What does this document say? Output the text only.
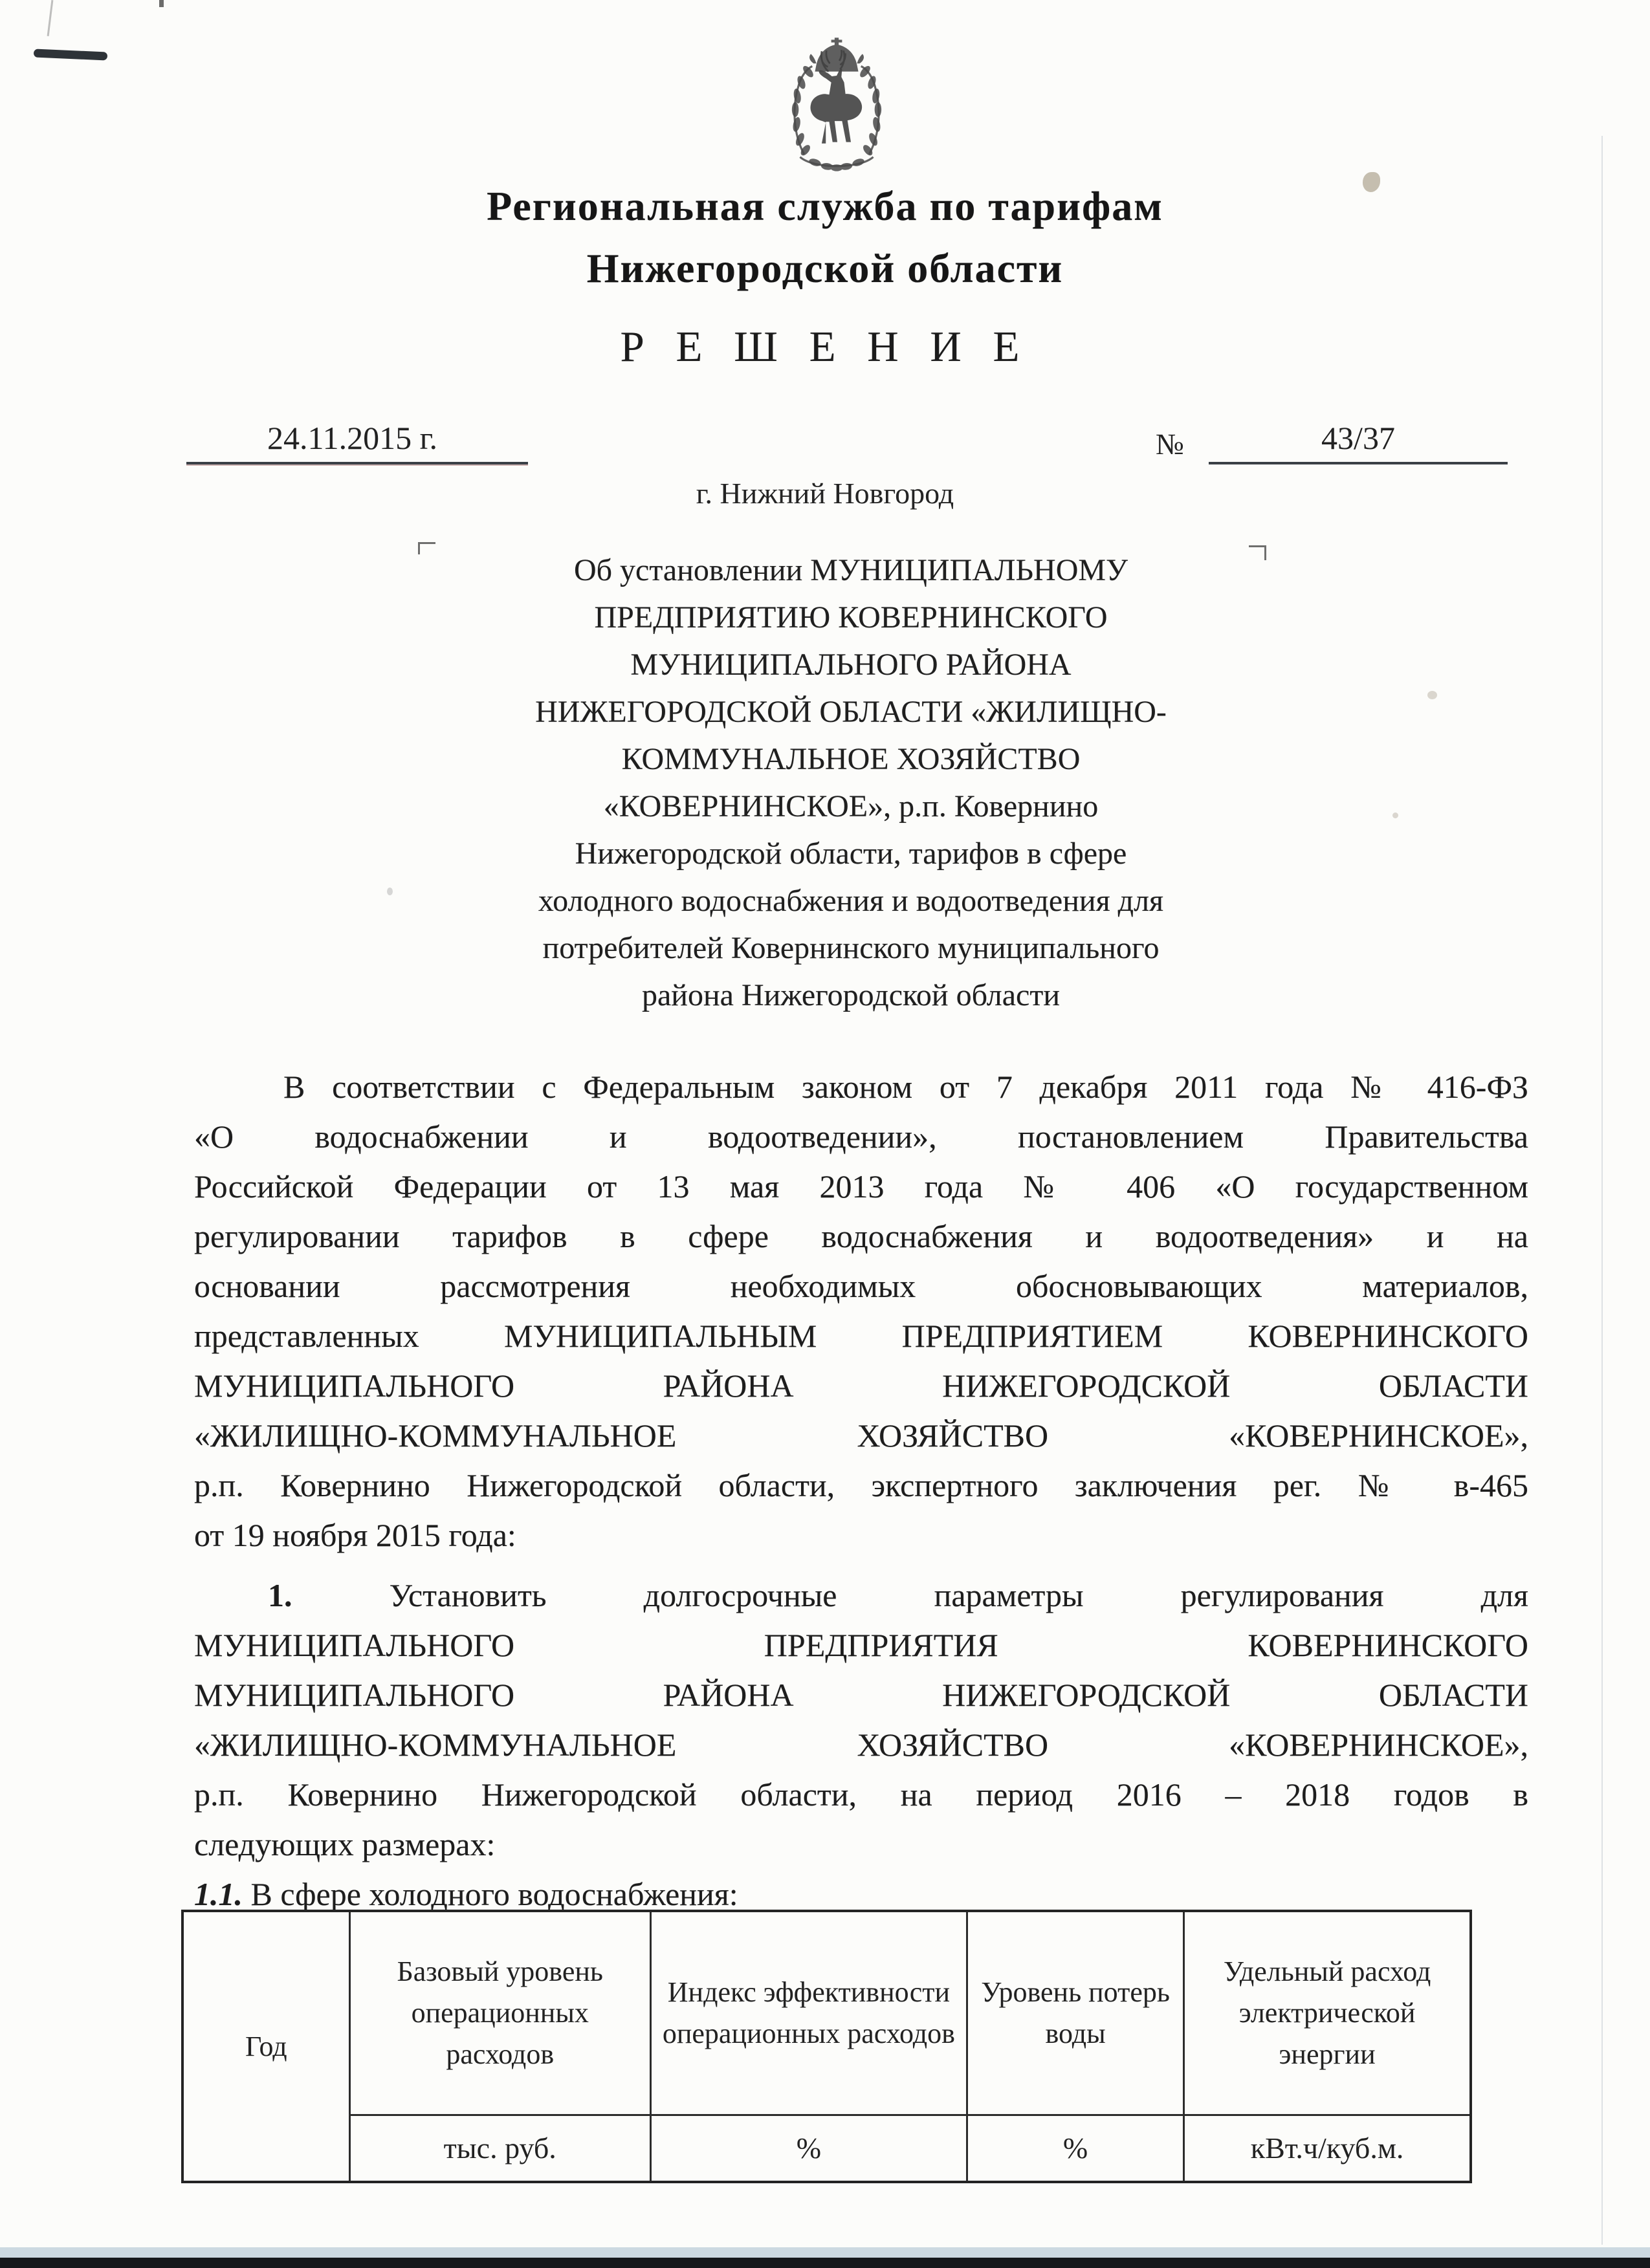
Региональная служба по тарифам
Нижегородской области
Р Е Ш Е Н И Е
24.11.2015 г.	№	43/37
г. Нижний Новгород
Об установлении МУНИЦИПАЛЬНОМУ
ПРЕДПРИЯТИЮ КОВЕРНИНСКОГО
МУНИЦИПАЛЬНОГО РАЙОНА
НИЖЕГОРОДСКОЙ ОБЛАСТИ «ЖИЛИЩНО-
КОММУНАЛЬНОЕ ХОЗЯЙСТВО
«КОВЕРНИНСКОЕ», р.п. Ковернино
Нижегородской области, тарифов в сфере
холодного водоснабжения и водоотведения для
потребителей Ковернинского муниципального
района Нижегородской области
В соответствии с Федеральным законом от 7 декабря 2011 года № 416-ФЗ
«О водоснабжении и водоотведении», постановлением Правительства
Российской Федерации от 13 мая 2013 года № 406 «О государственном
регулировании тарифов в сфере водоснабжения и водоотведения» и на
основании рассмотрения необходимых обосновывающих материалов,
представленных МУНИЦИПАЛЬНЫМ ПРЕДПРИЯТИЕМ КОВЕРНИНСКОГО
МУНИЦИПАЛЬНОГО РАЙОНА НИЖЕГОРОДСКОЙ ОБЛАСТИ
«ЖИЛИЩНО-КОММУНАЛЬНОЕ ХОЗЯЙСТВО «КОВЕРНИНСКОЕ»,
р.п. Ковернино Нижегородской области, экспертного заключения рег. № в-465
от 19 ноября 2015 года:
1.	Установить долгосрочные параметры регулирования для
МУНИЦИПАЛЬНОГО ПРЕДПРИЯТИЯ КОВЕРНИНСКОГО
МУНИЦИПАЛЬНОГО РАЙОНА НИЖЕГОРОДСКОЙ ОБЛАСТИ
«ЖИЛИЩНО-КОММУНАЛЬНОЕ ХОЗЯЙСТВО «КОВЕРНИНСКОЕ»,
р.п. Ковернино Нижегородской области, на период 2016 – 2018 годов в
следующих размерах:
1.1. В сфере холодного водоснабжения:
Год	Базовый уровень операционных расходов	Индекс эффективности операционных расходов	Уровень потерь воды	Удельный расход электрической энергии
	тыс. руб.	%	%	кВт.ч/куб.м.
